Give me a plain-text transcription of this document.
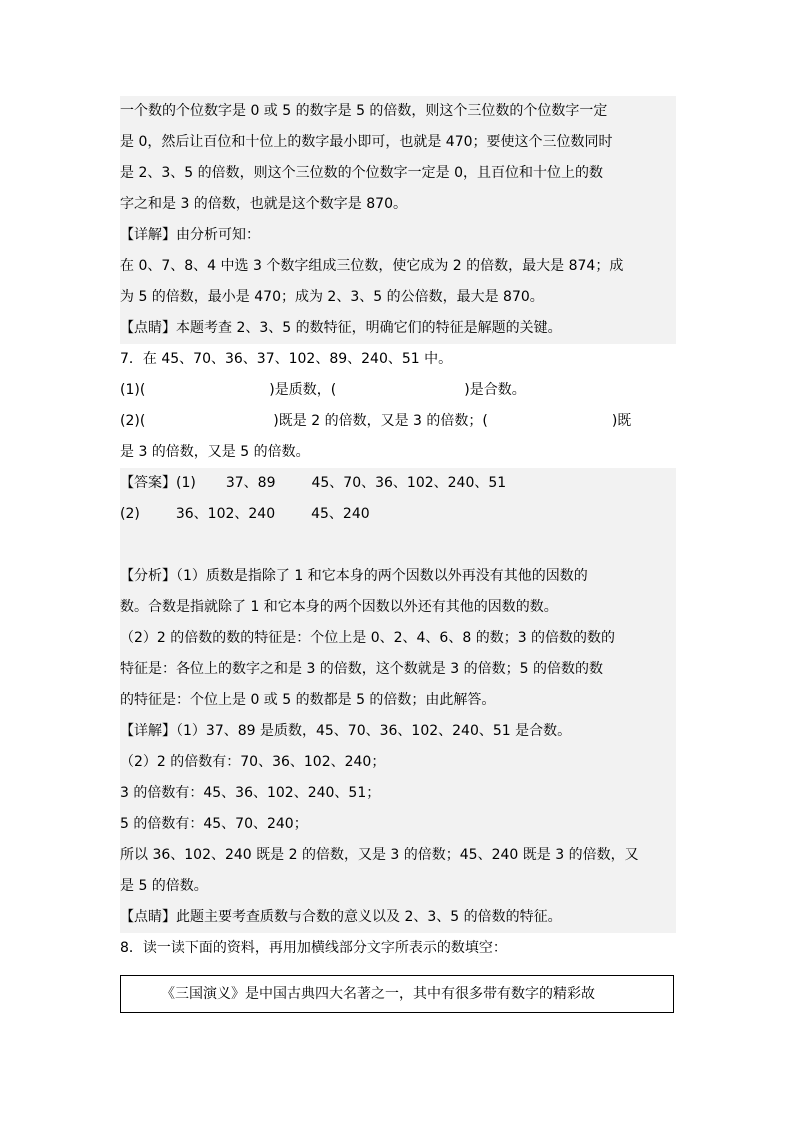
一个数的个位数字是 0 或 5 的数字是 5 的倍数，则这个三位数的个位数字一定
是 0，然后让百位和十位上的数字最小即可，也就是 470；要使这个三位数同时
是 2、3、5 的倍数，则这个三位数的个位数字一定是 0，且百位和十位上的数
字之和是 3 的倍数，也就是这个数字是 870。
【详解】由分析可知：
在 0、7、8、4 中选 3 个数字组成三位数，使它成为 2 的倍数，最大是 874；成
为 5 的倍数，最小是 470；成为 2、3、5 的公倍数，最大是 870。
【点睛】本题考查 2、3、5 的数特征，明确它们的特征是解题的关键。
7．在 45、70、36、37、102、89、240、51 中。
(1)(	)是质数，(	)是合数。
(2)(	)既是 2 的倍数，又是 3 的倍数；(	)既
是 3 的倍数，又是 5 的倍数。
【答案】(1) 37、89	45、70、36、102、240、51
(2)	36、102、240	45、240
【分析】（1）质数是指除了 1 和它本身的两个因数以外再没有其他的因数的
数。合数是指就除了 1 和它本身的两个因数以外还有其他的因数的数。
（2）2 的倍数的数的特征是：个位上是 0、2、4、6、8 的数；3 的倍数的数的
特征是：各位上的数字之和是 3 的倍数，这个数就是 3 的倍数；5 的倍数的数
的特征是：个位上是 0 或 5 的数都是 5 的倍数；由此解答。
【详解】（1）37、89 是质数，45、70、36、102、240、51 是合数。
（2）2 的倍数有：70、36、102、240；
3 的倍数有：45、36、102、240、51；
5 的倍数有：45、70、240；
所以 36、102、240 既是 2 的倍数，又是 3 的倍数；45、240 既是 3 的倍数，又
是 5 的倍数。
【点睛】此题主要考查质数与合数的意义以及 2、3、5 的倍数的特征。
8．读一读下面的资料，再用加横线部分文字所表示的数填空：
《三国演义》是中国古典四大名著之一，其中有很多带有数字的精彩故
